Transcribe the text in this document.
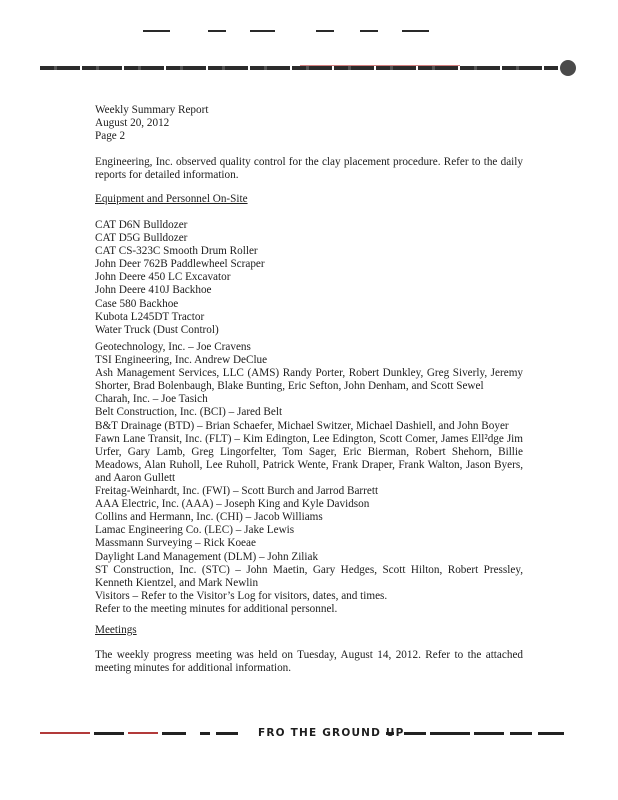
Weekly Summary Report
August 20, 2012
Page 2
Engineering, Inc. observed quality control for the clay placement procedure. Refer to the daily
reports for detailed information.
Equipment and Personnel On-Site
CAT D6N Bulldozer
CAT D5G Bulldozer
CAT CS-323C Smooth Drum Roller
John Deer 762B Paddlewheel Scraper
John Deere 450 LC Excavator
John Deere 410J Backhoe
Case 580 Backhoe
Kubota L245DT Tractor
Water Truck (Dust Control)
Geotechnology, Inc. – Joe Cravens
TSI Engineering, Inc. Andrew DeClue
Ash Management Services, LLC (AMS) Randy Porter, Robert Dunkley, Greg Siverly, Jeremy
Shorter, Brad Bolenbaugh, Blake Bunting, Eric Sefton, John Denham, and Scott Sewel
Charah, Inc. – Joe Tasich
Belt Construction, Inc. (BCI) – Jared Belt
B&T Drainage (BTD) – Brian Schaefer, Michael Switzer, Michael Dashiell, and John Boyer
Fawn Lane Transit, Inc. (FLT) – Kim Edington, Lee Edington, Scott Comer, James Ell²dge Jim
Urfer, Gary Lamb, Greg Lingorfelter, Tom Sager, Eric Bierman, Robert Shehorn, Billie
Meadows, Alan Ruholl, Lee Ruholl, Patrick Wente, Frank Draper, Frank Walton, Jason Byers,
and Aaron Gullett
Freitag-Weinhardt, Inc. (FWI) – Scott Burch and Jarrod Barrett
AAA Electric, Inc. (AAA) – Joseph King and Kyle Davidson
Collins and Hermann, Inc. (CHI) – Jacob Williams
Lamac Engineering Co. (LEC) – Jake Lewis
Massmann Surveying – Rick Koeae
Daylight Land Management (DLM) – John Ziliak
ST Construction, Inc. (STC) – John Maetin, Gary Hedges, Scott Hilton, Robert Pressley,
Kenneth Kientzel, and Mark Newlin
Visitors – Refer to the Visitor’s Log for visitors, dates, and times.
Refer to the meeting minutes for additional personnel.
Meetings
The weekly progress meeting was held on Tuesday, August 14, 2012. Refer to the attached
meeting minutes for additional information.
FRO THE GROUND UP
